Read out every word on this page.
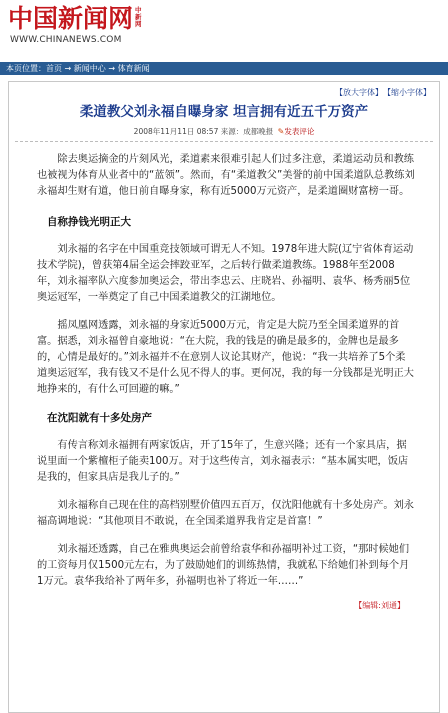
中国新闻网 中新网
WWW.CHINANEWS.COM
本页位置：首页 → 新闻中心 → 体育新闻
【放大字体】 【缩小字体】
柔道教父刘永福自曝身家 坦言拥有近五千万资产
2008年11月11日 08:57 来源：成都晚报 ✎发表评论

除去奥运摘金的片刻风光，柔道素来很难引起人们过多注意，柔道运动员和教练也被视为体育从业者中的“蓝领”。然而，有“柔道教父”美誉的前中国柔道队总教练刘永福却生财有道，他日前自曝身家，称有近5000万元资产，是柔道圈财富榜一哥。

自称挣钱光明正大

刘永福的名字在中国重竞技领域可谓无人不知。1978年进大院(辽宁省体育运动技术学院)，曾获第4届全运会摔跤亚军，之后转行做柔道教练。1988年至2008年，刘永福率队六度参加奥运会，带出李忠云、庄晓岩、孙福明、袁华、杨秀丽5位奥运冠军，一举奠定了自己中国柔道教父的江湖地位。

摇凤凰网透露，刘永福的身家近5000万元，肯定是大院乃至全国柔道界的首富。据悉，刘永福曾自豪地说：“在大院，我的钱是的确是最多的，金牌也是最多的，心情是最好的。”刘永福并不在意别人议论其财产，他说：“我一共培养了5个柔道奥运冠军，我有钱又不是什么见不得人的事。更何况，我的每一分钱都是光明正大地挣来的，有什么可回避的嘛。”

在沈阳就有十多处房产

有传言称刘永福拥有两家饭店，开了15年了，生意兴隆；还有一个家具店，据说里面一个紫檀柜子能卖100万。对于这些传言，刘永福表示：“基本属实吧，饭店是我的，但家具店是我儿子的。”

刘永福称自己现在住的高档别墅价值四五百万，仅沈阳他就有十多处房产。刘永福高调地说：“其他项目不敢说，在全国柔道界我肯定是首富！”

刘永福还透露，自己在雅典奥运会前曾给袁华和孙福明补过工资，“那时候她们的工资每月仅1500元左右，为了鼓励她们的训练热情，我就私下给她们补到每个月1万元。袁华我给补了两年多，孙福明也补了将近一年……”

【编辑:刘通】
